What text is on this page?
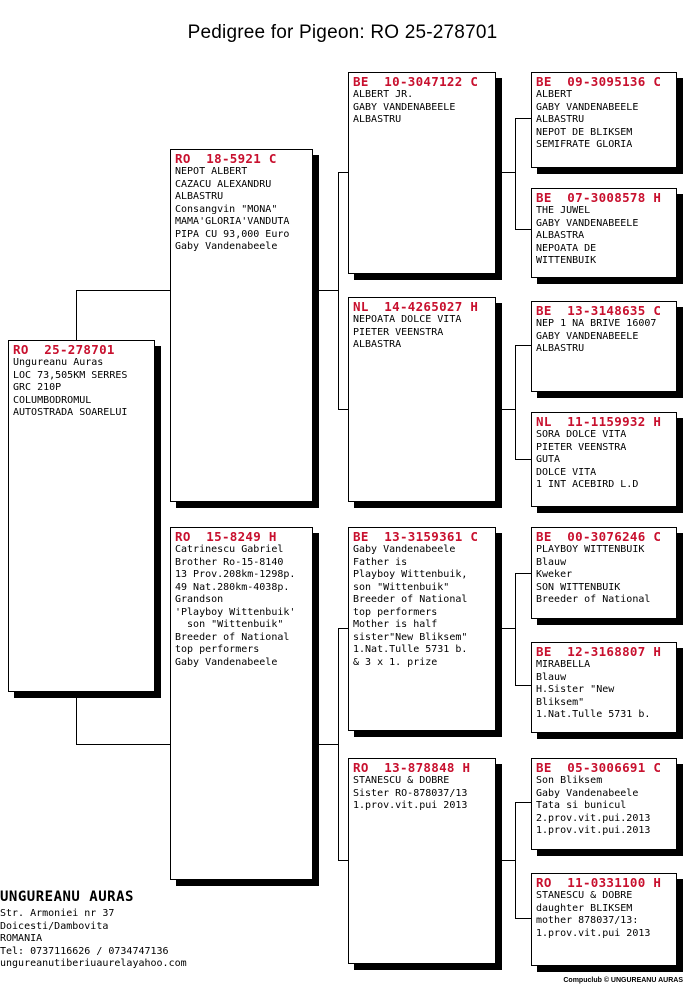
Pedigree for Pigeon: RO 25-278701
RO  25-278701
Ungureanu Auras
LOC 73,505KM SERRES
GRC 210P
COLUMBODROMUL
AUTOSTRADA SOARELUI
RO  18-5921 C
NEPOT ALBERT
CAZACU ALEXANDRU
ALBASTRU
Consangvin "MONA"
MAMA'GLORIA'VANDUTA
PIPA CU 93,000 Euro
Gaby Vandenabeele
RO  15-8249 H
Catrinescu Gabriel
Brother Ro-15-8140
13 Prov.208km-1298p.
49 Nat.280km-4038p.
Grandson
'Playboy Wittenbuik'
son "Wittenbuik"
Breeder of National
top performers
Gaby Vandenabeele
BE  10-3047122 C
ALBERT JR.
GABY VANDENABEELE
ALBASTRU
NL  14-4265027 H
NEPOATA DOLCE VITA
PIETER VEENSTRA
ALBASTRA
BE  13-3159361 C
Gaby Vandenabeele
Father is
Playboy Wittenbuik,
son "Wittenbuik"
Breeder of National
top performers
Mother is half
sister"New Bliksem"
1.Nat.Tulle 5731 b.
& 3 x 1. prize
RO  13-878848 H
STANESCU & DOBRE
Sister RO-878037/13
1.prov.vit.pui 2013
BE  09-3095136 C
ALBERT
GABY VANDENABEELE
ALBASTRU
NEPOT DE BLIKSEM
SEMIFRATE GLORIA
BE  07-3008578 H
THE JUWEL
GABY VANDENABEELE
ALBASTRA
NEPOATA DE
WITTENBUIK
BE  13-3148635 C
NEP 1 NA BRIVE 16007
GABY VANDENABEELE
ALBASTRU
NL  11-1159932 H
SORA DOLCE VITA
PIETER VEENSTRA
GUTA
DOLCE VITA
1 INT ACEBIRD L.D
BE  00-3076246 C
PLAYBOY WITTENBUIK
Blauw
Kweker
SON WITTENBUIK
Breeder of National
BE  12-3168807 H
MIRABELLA
Blauw
H.Sister "New
Bliksem"
1.Nat.Tulle 5731 b.
BE  05-3006691 C
Son Bliksem
Gaby Vandenabeele
Tata si bunicul
2.prov.vit.pui.2013
1.prov.vit.pui.2013
RO  11-0331100 H
STANESCU & DOBRE
daughter BLIKSEM
mother 878037/13:
1.prov.vit.pui 2013
UNGUREANU AURAS
Str. Armoniei nr 37
Doicesti/Dambovita
ROMANIA
Tel: 0737116626 / 0734747136
ungureanutiberiuaurelayahoo.com
Compuclub © UNGUREANU AURAS
